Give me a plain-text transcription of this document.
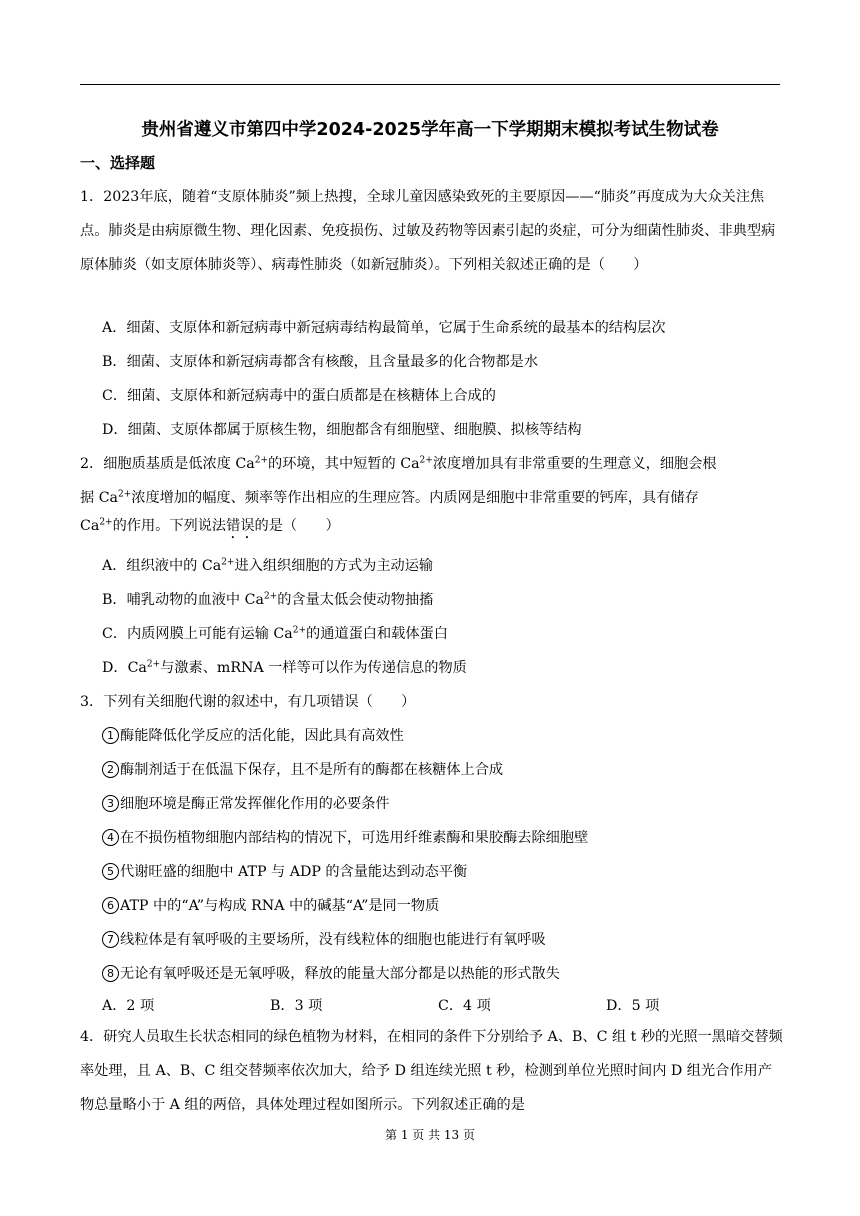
贵州省遵义市第四中学2024-2025学年高一下学期期末模拟考试生物试卷
一、选择题
1．2023年底，随着“支原体肺炎”频上热搜，全球儿童因感染致死的主要原因——“肺炎”再度成为大众关注焦点。肺炎是由病原微生物、理化因素、免疫损伤、过敏及药物等因素引起的炎症，可分为细菌性肺炎、非典型病原体肺炎（如支原体肺炎等）、病毒性肺炎（如新冠肺炎）。下列相关叙述正确的是（　　）
A．细菌、支原体和新冠病毒中新冠病毒结构最简单，它属于生命系统的最基本的结构层次
B．细菌、支原体和新冠病毒都含有核酸，且含量最多的化合物都是水
C．细菌、支原体和新冠病毒中的蛋白质都是在核糖体上合成的
D．细菌、支原体都属于原核生物，细胞都含有细胞壁、细胞膜、拟核等结构
2．细胞质基质是低浓度 $Ca^{2+}$的环境，其中短暂的 $Ca^{2+}$浓度增加具有非常重要的生理意义，细胞会根
据 $Ca^{2+}$浓度增加的幅度、频率等作出相应的生理应答。内质网是细胞中非常重要的钙库，具有储存
$Ca^{2+}$的作用。下列说法错误的是（　　）
A．组织液中的 $Ca^{2+}$进入组织细胞的方式为主动运输
B．哺乳动物的血液中 $Ca^{2+}$的含量太低会使动物抽搐
C．内质网膜上可能有运输 $Ca^{2+}$的通道蛋白和载体蛋白
D．$Ca^{2+}$与激素、mRNA 一样等可以作为传递信息的物质
3．下列有关细胞代谢的叙述中，有几项错误（　　）
1 酶能降低化学反应的活化能，因此具有高效性
2 酶制剂适于在低温下保存，且不是所有的酶都在核糖体上合成
3 细胞环境是酶正常发挥催化作用的必要条件
4 在不损伤植物细胞内部结构的情况下，可选用纤维素酶和果胶酶去除细胞壁
5 代谢旺盛的细胞中 ATP 与 ADP 的含量能达到动态平衡
6 ATP 中的“A”与构成 RNA 中的碱基“A”是同一物质
7 线粒体是有氧呼吸的主要场所，没有线粒体的细胞也能进行有氧呼吸
8 无论有氧呼吸还是无氧呼吸，释放的能量大部分都是以热能的形式散失
A．2 项	B．3 项	C．4 项	D．5 项
4．研究人员取生长状态相同的绿色植物为材料，在相同的条件下分别给予 A、B、C 组 t 秒的光照一黑暗交替频率处理，且 A、B、C 组交替频率依次加大，给予 D 组连续光照 t 秒，检测到单位光照时间内 D 组光合作用产物总量略小于 A 组的两倍，具体处理过程如图所示。下列叙述正确的是
第 1 页 共 13 页
